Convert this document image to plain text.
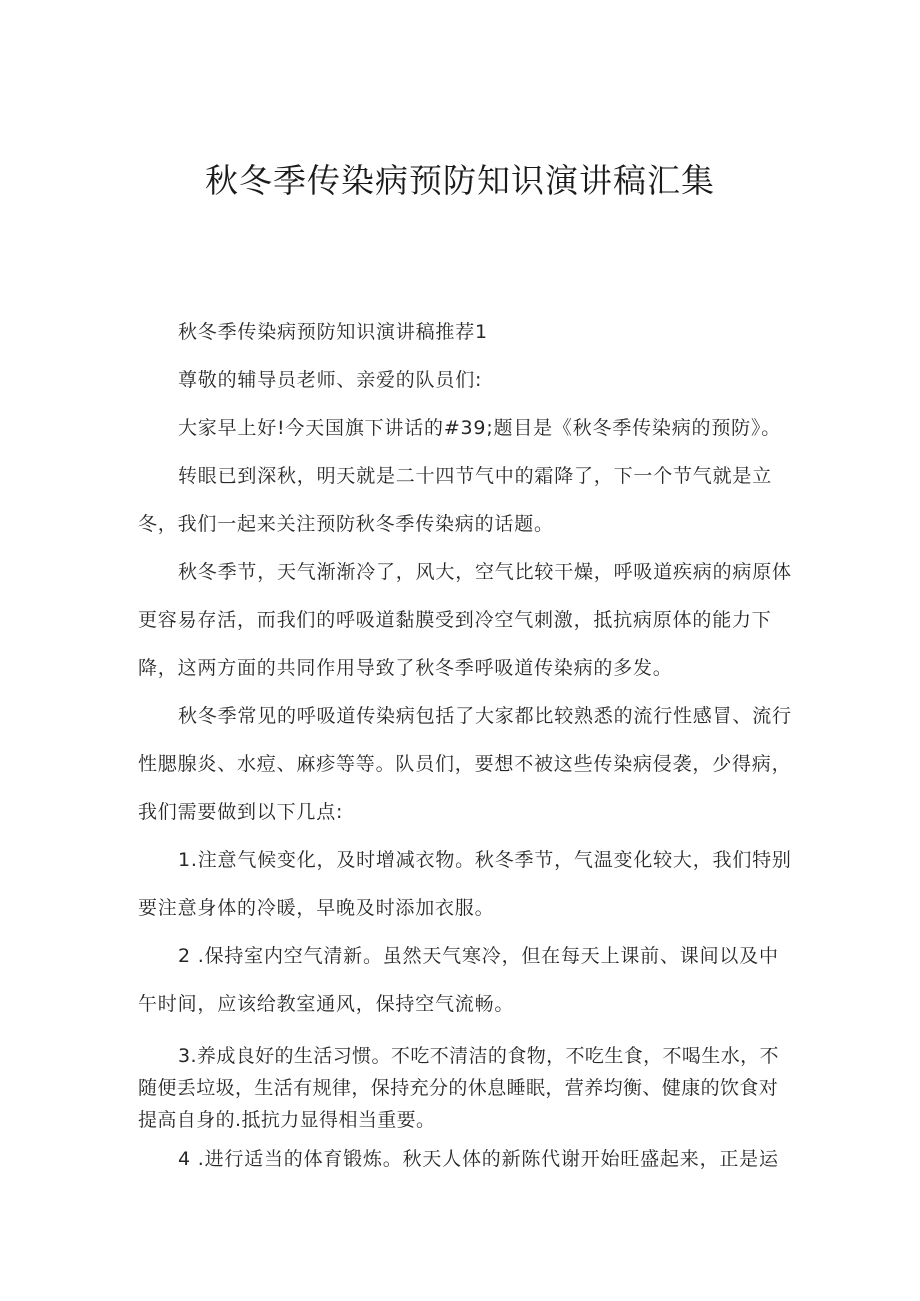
秋冬季传染病预防知识演讲稿汇集

秋冬季传染病预防知识演讲稿推荐1

尊敬的辅导员老师、亲爱的队员们:

大家早上好!今天国旗下讲话的#39;题目是《秋冬季传染病的预防》。

转眼已到深秋，明天就是二十四节气中的霜降了，下一个节气就是立冬，我们一起来关注预防秋冬季传染病的话题。

秋冬季节，天气渐渐冷了，风大，空气比较干燥，呼吸道疾病的病原体更容易存活，而我们的呼吸道黏膜受到冷空气刺激，抵抗病原体的能力下降，这两方面的共同作用导致了秋冬季呼吸道传染病的多发。

秋冬季常见的呼吸道传染病包括了大家都比较熟悉的流行性感冒、流行性腮腺炎、水痘、麻疹等等。队员们，要想不被这些传染病侵袭，少得病，我们需要做到以下几点:

1.注意气候变化，及时增减衣物。秋冬季节，气温变化较大，我们特别要注意身体的冷暖，早晚及时添加衣服。

2 .保持室内空气清新。虽然天气寒冷，但在每天上课前、课间以及中午时间，应该给教室通风，保持空气流畅。

3.养成良好的生活习惯。不吃不清洁的食物，不吃生食，不喝生水，不随便丢垃圾，生活有规律，保持充分的休息睡眠，营养均衡、健康的饮食对提高自身的.抵抗力显得相当重要。

4 .进行适当的体育锻炼。秋天人体的新陈代谢开始旺盛起来，正是运
